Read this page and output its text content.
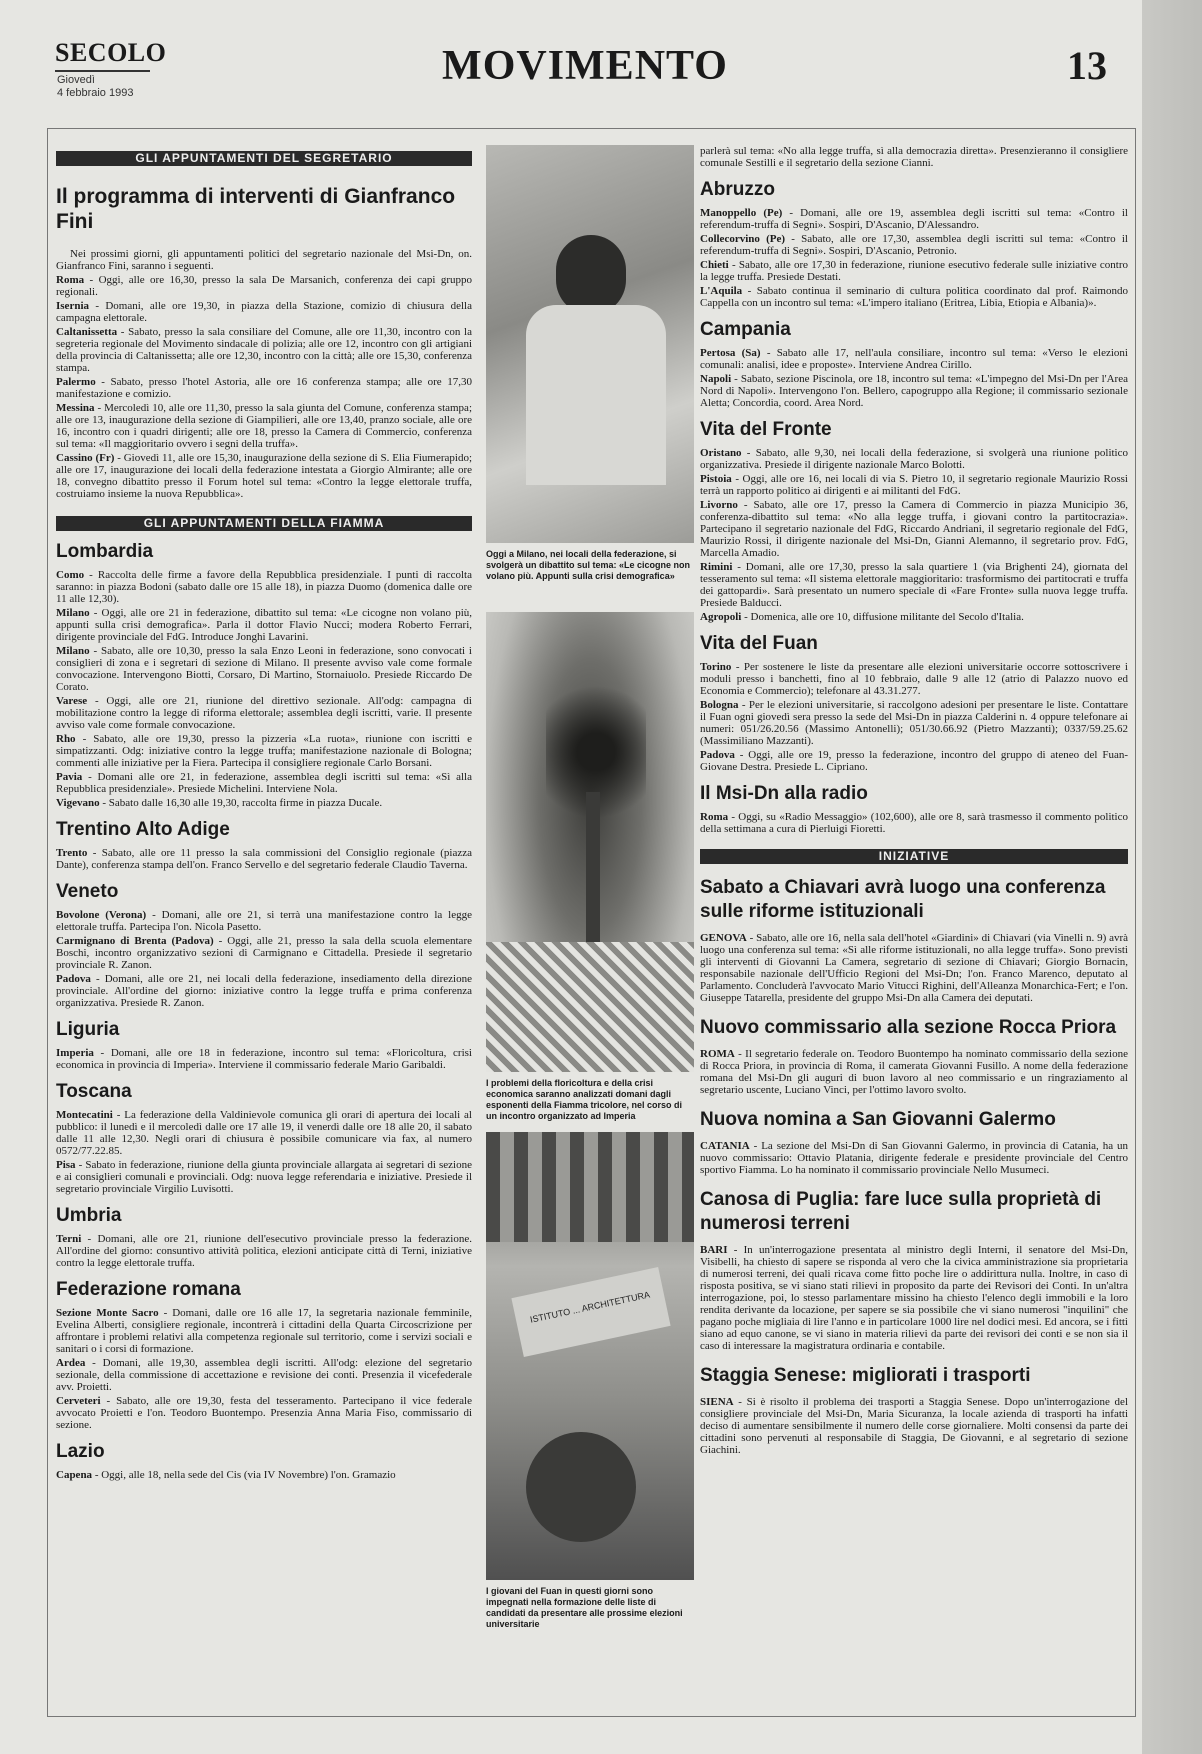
SECOLO
Giovedì
4 febbraio 1993
MOVIMENTO	13
GLI APPUNTAMENTI DEL SEGRETARIO
Il programma di interventi di Gianfranco Fini

Nei prossimi giorni, gli appuntamenti politici del segretario nazionale del Msi-Dn, on. Gianfranco Fini, saranno i seguenti.

Roma - Oggi, alle ore 16,30, presso la sala De Marsanich, conferenza dei capi gruppo regionali.

Isernia - Domani, alle ore 19,30, in piazza della Stazione, comizio di chiusura della campagna elettorale.

Caltanissetta - Sabato, presso la sala consiliare del Comune, alle ore 11,30, incontro con la segreteria regionale del Movimento sindacale di polizia; alle ore 12, incontro con gli artigiani della provincia di Caltanissetta; alle ore 12,30, incontro con la città; alle ore 15,30, conferenza stampa.

Palermo - Sabato, presso l'hotel Astoria, alle ore 16 conferenza stampa; alle ore 17,30 manifestazione e comizio.

Messina - Mercoledì 10, alle ore 11,30, presso la sala giunta del Comune, conferenza stampa; alle ore 13, inaugurazione della sezione di Giampilieri, alle ore 13,40, pranzo sociale, alle ore 16, incontro con i quadri dirigenti; alle ore 18, presso la Camera di Commercio, conferenza sul tema: «Il maggioritario ovvero i segni della truffa».

Cassino (Fr) - Giovedì 11, alle ore 15,30, inaugurazione della sezione di S. Elia Fiumerapido; alle ore 17, inaugurazione dei locali della federazione intestata a Giorgio Almirante; alle ore 18, convegno dibattito presso il Forum hotel sul tema: «Contro la legge elettorale truffa, costruiamo insieme la nuova Repubblica».

GLI APPUNTAMENTI DELLA FIAMMA
Lombardia

Como - Raccolta delle firme a favore della Repubblica presidenziale. I punti di raccolta saranno: in piazza Bodoni (sabato dalle ore 15 alle 18), in piazza Duomo (domenica dalle ore 11 alle 12,30).

Milano - Oggi, alle ore 21 in federazione, dibattito sul tema: «Le cicogne non volano più, appunti sulla crisi demografica». Parla il dottor Flavio Nucci; modera Roberto Ferrari, dirigente provinciale del FdG. Introduce Jonghi Lavarini.

Milano - Sabato, alle ore 10,30, presso la sala Enzo Leoni in federazione, sono convocati i consiglieri di zona e i segretari di sezione di Milano. Il presente avviso vale come formale convocazione. Intervengono Biotti, Corsaro, Di Martino, Stornaiuolo. Presiede Riccardo De Corato.

Varese - Oggi, alle ore 21, riunione del direttivo sezionale. All'odg: campagna di mobilitazione contro la legge di riforma elettorale; assemblea degli iscritti, varie. Il presente avviso vale come formale convocazione.

Rho - Sabato, alle ore 19,30, presso la pizzeria «La ruota», riunione con iscritti e simpatizzanti. Odg: iniziative contro la legge truffa; manifestazione nazionale di Bologna; commenti alle iniziative per la Fiera. Partecipa il consigliere regionale Carlo Borsani.

Pavia - Domani alle ore 21, in federazione, assemblea degli iscritti sul tema: «Sì alla Repubblica presidenziale». Presiede Michelini. Interviene Nola.

Vigevano - Sabato dalle 16,30 alle 19,30, raccolta firme in piazza Ducale.

Trentino Alto Adige

Trento - Sabato, alle ore 11 presso la sala commissioni del Consiglio regionale (piazza Dante), conferenza stampa dell'on. Franco Servello e del segretario federale Claudio Taverna.

Veneto

Bovolone (Verona) - Domani, alle ore 21, si terrà una manifestazione contro la legge elettorale truffa. Partecipa l'on. Nicola Pasetto.

Carmignano di Brenta (Padova) - Oggi, alle 21, presso la sala della scuola elementare Boschi, incontro organizzativo sezioni di Carmignano e Cittadella. Presiede il segretario provinciale R. Zanon.

Padova - Domani, alle ore 21, nei locali della federazione, insediamento della direzione provinciale. All'ordine del giorno: iniziative contro la legge truffa e prima conferenza organizzativa. Presiede R. Zanon.

Liguria

Imperia - Domani, alle ore 18 in federazione, incontro sul tema: «Floricoltura, crisi economica in provincia di Imperia». Interviene il commissario federale Mario Garibaldi.

Toscana

Montecatini - La federazione della Valdinievole comunica gli orari di apertura dei locali al pubblico: il lunedì e il mercoledì dalle ore 17 alle 19, il venerdì dalle ore 18 alle 20, il sabato dalle 11 alle 12,30. Negli orari di chiusura è possibile comunicare via fax, al numero 0572/77.22.85.

Pisa - Sabato in federazione, riunione della giunta provinciale allargata ai segretari di sezione e ai consiglieri comunali e provinciali. Odg: nuova legge referendaria e iniziative. Presiede il segretario provinciale Virgilio Luvisotti.

Umbria

Terni - Domani, alle ore 21, riunione dell'esecutivo provinciale presso la federazione. All'ordine del giorno: consuntivo attività politica, elezioni anticipate città di Terni, iniziative contro la legge elettorale truffa.

Federazione romana

Sezione Monte Sacro - Domani, dalle ore 16 alle 17, la segretaria nazionale femminile, Evelina Alberti, consigliere regionale, incontrerà i cittadini della Quarta Circoscrizione per affrontare i problemi relativi alla competenza regionale sul territorio, come i servizi sociali e sanitari o i corsi di formazione.

Ardea - Domani, alle 19,30, assemblea degli iscritti. All'odg: elezione del segretario sezionale, della commissione di accettazione e revisione dei conti. Presenzia il vicefederale avv. Proietti.

Cerveteri - Sabato, alle ore 19,30, festa del tesseramento. Partecipano il vice federale avvocato Proietti e l'on. Teodoro Buontempo. Presenzia Anna Maria Fiso, commissario di sezione.

Lazio

Capena - Oggi, alle 18, nella sede del Cis (via IV Novembre) l'on. Gramazio

Oggi a Milano, nei locali della federazione, si svolgerà un dibattito sul tema: «Le cicogne non volano più. Appunti sulla crisi demografica»
I problemi della floricoltura e della crisi economica saranno analizzati domani dagli esponenti della Fiamma tricolore, nel corso di un incontro organizzato ad Imperia
ISTITUTO ... ARCHITETTURA
I giovani del Fuan in questi giorni sono impegnati nella formazione delle liste di candidati da presentare alle prossime elezioni universitarie

parlerà sul tema: «No alla legge truffa, sì alla democrazia diretta». Presenzieranno il consigliere comunale Sestilli e il segretario della sezione Cianni.

Abruzzo

Manoppello (Pe) - Domani, alle ore 19, assemblea degli iscritti sul tema: «Contro il referendum-truffa di Segni». Sospiri, D'Ascanio, D'Alessandro.

Collecorvino (Pe) - Sabato, alle ore 17,30, assemblea degli iscritti sul tema: «Contro il referendum-truffa di Segni». Sospiri, D'Ascanio, Petronio.

Chieti - Sabato, alle ore 17,30 in federazione, riunione esecutivo federale sulle iniziative contro la legge truffa. Presiede Destati.

L'Aquila - Sabato continua il seminario di cultura politica coordinato dal prof. Raimondo Cappella con un incontro sul tema: «L'impero italiano (Eritrea, Libia, Etiopia e Albania)».

Campania

Pertosa (Sa) - Sabato alle 17, nell'aula consiliare, incontro sul tema: «Verso le elezioni comunali: analisi, idee e proposte». Interviene Andrea Cirillo.

Napoli - Sabato, sezione Piscinola, ore 18, incontro sul tema: «L'impegno del Msi-Dn per l'Area Nord di Napoli». Intervengono l'on. Bellero, capogruppo alla Regione; il commissario sezionale Aletta; Concordia, coord. Area Nord.

Vita del Fronte

Oristano - Sabato, alle 9,30, nei locali della federazione, si svolgerà una riunione politico organizzativa. Presiede il dirigente nazionale Marco Bolotti.

Pistoia - Oggi, alle ore 16, nei locali di via S. Pietro 10, il segretario regionale Maurizio Rossi terrà un rapporto politico ai dirigenti e ai militanti del FdG.

Livorno - Sabato, alle ore 17, presso la Camera di Commercio in piazza Municipio 36, conferenza-dibattito sul tema: «No alla legge truffa, i giovani contro la partitocrazia». Partecipano il segretario nazionale del FdG, Riccardo Andriani, il segretario regionale del FdG, Maurizio Rossi, il dirigente nazionale del Msi-Dn, Gianni Alemanno, il segretario prov. FdG, Marcella Amadio.

Rimini - Domani, alle ore 17,30, presso la sala quartiere 1 (via Brighenti 24), giornata del tesseramento sul tema: «Il sistema elettorale maggioritario: trasformismo dei partitocrati e truffa dei gattopardi». Sarà presentato un numero speciale di «Fare Fronte» sulla nuova legge truffa. Presiede Balducci.

Agropoli - Domenica, alle ore 10, diffusione militante del Secolo d'Italia.

Vita del Fuan

Torino - Per sostenere le liste da presentare alle elezioni universitarie occorre sottoscrivere i moduli presso i banchetti, fino al 10 febbraio, dalle 9 alle 12 (atrio di Palazzo nuovo ed Economia e Commercio); telefonare al 43.31.277.

Bologna - Per le elezioni universitarie, si raccolgono adesioni per presentare le liste. Contattare il Fuan ogni giovedì sera presso la sede del Msi-Dn in piazza Calderini n. 4 oppure telefonare ai numeri: 051/26.20.56 (Massimo Antonelli); 051/30.66.92 (Pietro Mazzanti); 0337/59.25.62 (Massimiliano Mazzanti).

Padova - Oggi, alle ore 19, presso la federazione, incontro del gruppo di ateneo del Fuan-Giovane Destra. Presiede L. Cipriano.

Il Msi-Dn alla radio

Roma - Oggi, su «Radio Messaggio» (102,600), alle ore 8, sarà trasmesso il commento politico della settimana a cura di Pierluigi Fioretti.

INIZIATIVE
Sabato a Chiavari avrà luogo una conferenza sulle riforme istituzionali

GENOVA - Sabato, alle ore 16, nella sala dell'hotel «Giardini» di Chiavari (via Vinelli n. 9) avrà luogo una conferenza sul tema: «Sì alle riforme istituzionali, no alla legge truffa». Sono previsti gli interventi di Giovanni La Camera, segretario di sezione di Chiavari; Giorgio Bornacin, responsabile nazionale dell'Ufficio Regioni del Msi-Dn; l'on. Franco Marenco, deputato al Parlamento. Concluderà l'avvocato Mario Vitucci Righini, dell'Alleanza Monarchica-Fert; e l'on. Giuseppe Tatarella, presidente del gruppo Msi-Dn alla Camera dei deputati.

Nuovo commissario alla sezione Rocca Priora

ROMA - Il segretario federale on. Teodoro Buontempo ha nominato commissario della sezione di Rocca Priora, in provincia di Roma, il camerata Giovanni Fusillo. A nome della federazione romana del Msi-Dn gli auguri di buon lavoro al neo commissario e un ringraziamento al segretario uscente, Luciano Vinci, per l'ottimo lavoro svolto.

Nuova nomina a San Giovanni Galermo

CATANIA - La sezione del Msi-Dn di San Giovanni Galermo, in provincia di Catania, ha un nuovo commissario: Ottavio Platania, dirigente federale e presidente provinciale del Centro sportivo Fiamma. Lo ha nominato il commissario provinciale Nello Musumeci.

Canosa di Puglia: fare luce sulla proprietà di numerosi terreni

BARI - In un'interrogazione presentata al ministro degli Interni, il senatore del Msi-Dn, Visibelli, ha chiesto di sapere se risponda al vero che la civica amministrazione sia proprietaria di numerosi terreni, dei quali ricava come fitto poche lire o addirittura nulla. Inoltre, in caso di risposta positiva, se vi siano stati rilievi in proposito da parte dei Revisori dei Conti. In un'altra interrogazione, poi, lo stesso parlamentare missino ha chiesto l'elenco degli immobili e la loro rendita derivante da locazione, per sapere se sia possibile che vi siano numerosi "inquilini" che pagano poche migliaia di lire l'anno e in particolare 1000 lire nel dodici mesi. Ed ancora, se i fitti siano ad equo canone, se vi siano in materia rilievi da parte dei revisori dei conti e se non sia il caso di interessare la magistratura ordinaria e contabile.

Staggia Senese: migliorati i trasporti

SIENA - Si è risolto il problema dei trasporti a Staggia Senese. Dopo un'interrogazione del consigliere provinciale del Msi-Dn, Maria Sicuranza, la locale azienda di trasporti ha infatti deciso di aumentare sensibilmente il numero delle corse giornaliere. Molti consensi da parte dei cittadini sono pervenuti al responsabile di Staggia, De Giovanni, e al segretario di sezione Giachini.
